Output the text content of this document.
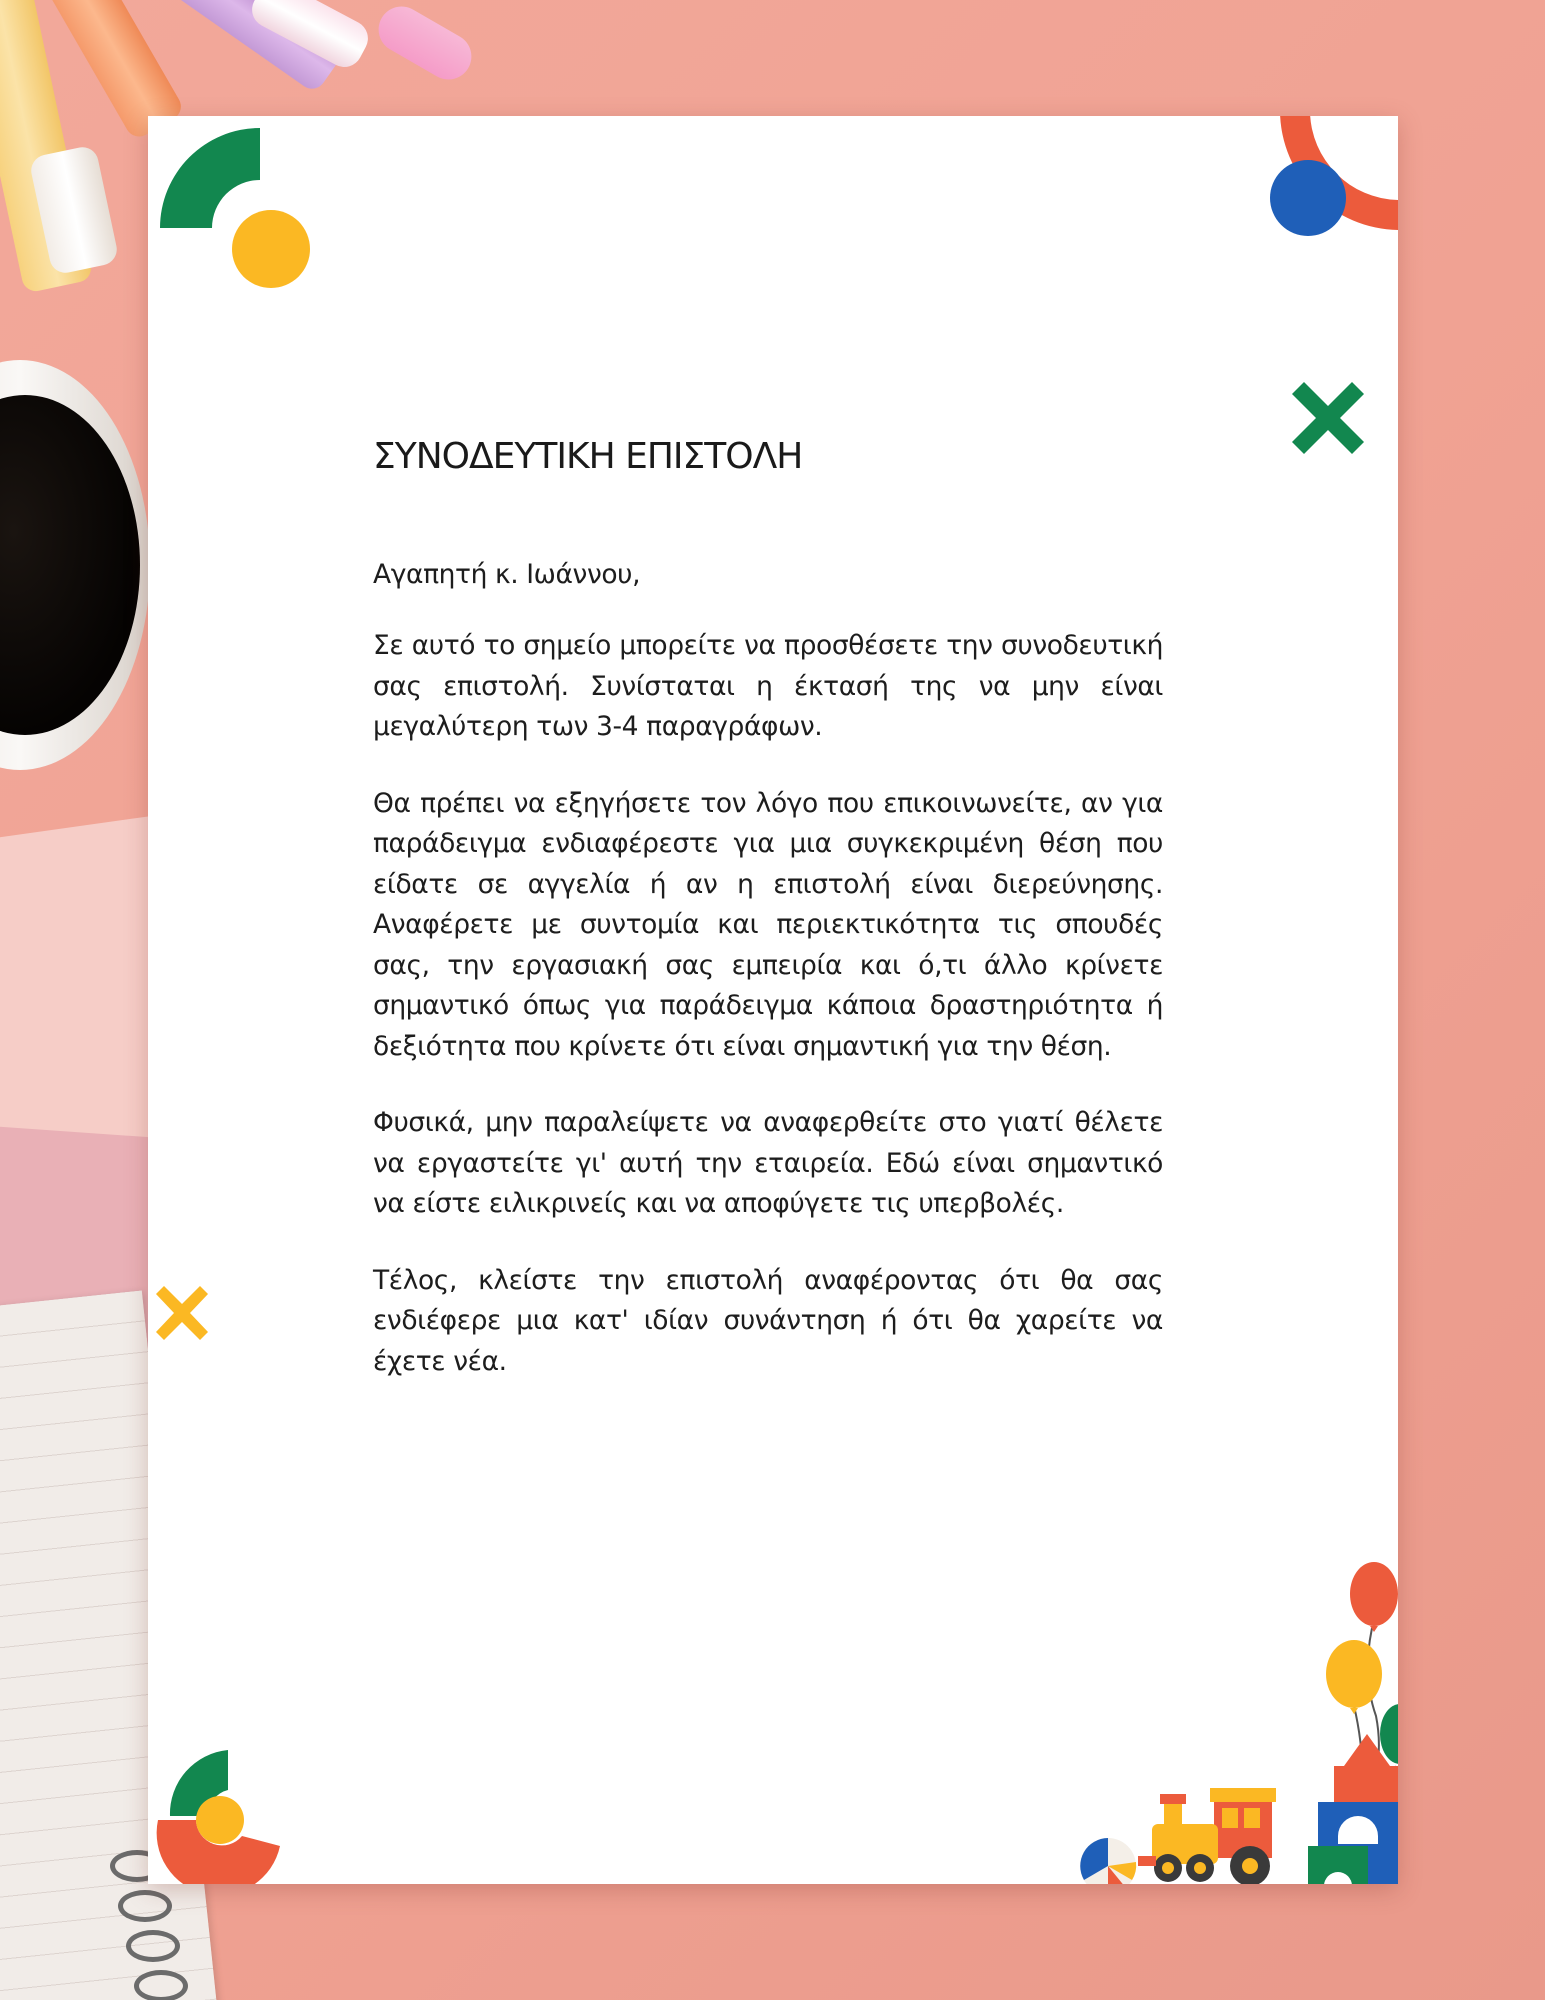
ΣΥΝΟΔΕΥΤΙΚΗ ΕΠΙΣΤΟΛΗ

Αγαπητή κ. Ιωάννου,

Σε αυτό το σημείο μπορείτε να προσθέσετε την συνοδευτική σας επιστολή. Συνίσταται η έκτασή της να μην είναι μεγαλύτερη των 3-4 παραγράφων.

Θα πρέπει να εξηγήσετε τον λόγο που επικοινωνείτε, αν για παράδειγμα ενδιαφέρεστε για μια συγκεκριμένη θέση που είδατε σε αγγελία ή αν η επιστολή είναι διερεύνησης. Αναφέρετε με συντομία και περιεκτικότητα τις σπουδές σας, την εργασιακή σας εμπειρία και ό,τι άλλο κρίνετε σημαντικό όπως για παράδειγμα κάποια δραστηριότητα ή δεξιότητα που κρίνετε ότι είναι σημαντική για την θέση.

Φυσικά, μην παραλείψετε να αναφερθείτε στο γιατί θέλετε να εργαστείτε γι' αυτή την εταιρεία. Εδώ είναι σημαντικό να είστε ειλικρινείς και να αποφύγετε τις υπερβολές.

Τέλος, κλείστε την επιστολή αναφέροντας ότι θα σας ενδιέφερε μια κατ' ιδίαν συνάντηση ή ότι θα χαρείτε να έχετε νέα.
